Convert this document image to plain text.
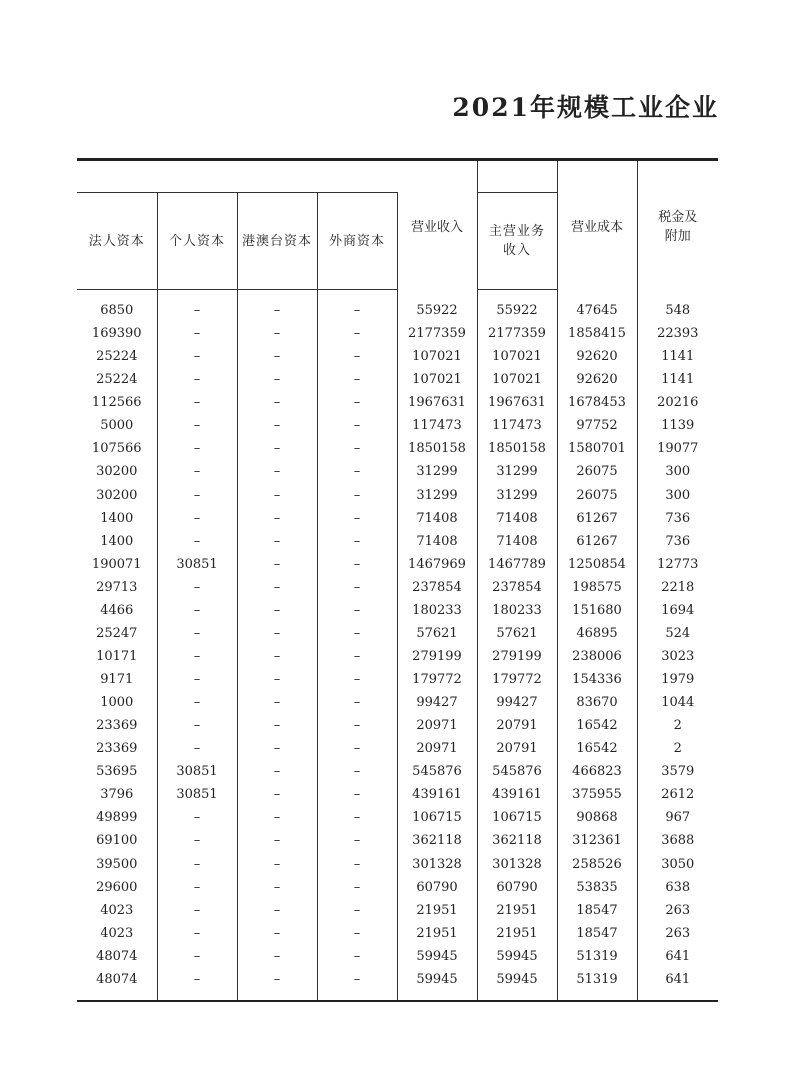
2021年规模工业企业
				营业收入		营业成本	税金及
附加
法人资本	个人资本	港澳台资本	外商资本		主营业务
收入		

6850	–	–	–	55922	55922	47645	548
169390	–	–	–	2177359	2177359	1858415	22393
25224	–	–	–	107021	107021	92620	1141
25224	–	–	–	107021	107021	92620	1141
112566	–	–	–	1967631	1967631	1678453	20216
5000	–	–	–	117473	117473	97752	1139
107566	–	–	–	1850158	1850158	1580701	19077
30200	–	–	–	31299	31299	26075	300
30200	–	–	–	31299	31299	26075	300
1400	–	–	–	71408	71408	61267	736
1400	–	–	–	71408	71408	61267	736
190071	30851	–	–	1467969	1467789	1250854	12773
29713	–	–	–	237854	237854	198575	2218
4466	–	–	–	180233	180233	151680	1694
25247	–	–	–	57621	57621	46895	524
10171	–	–	–	279199	279199	238006	3023
9171	–	–	–	179772	179772	154336	1979
1000	–	–	–	99427	99427	83670	1044
23369	–	–	–	20971	20791	16542	2
23369	–	–	–	20971	20791	16542	2
53695	30851	–	–	545876	545876	466823	3579
3796	30851	–	–	439161	439161	375955	2612
49899	–	–	–	106715	106715	90868	967
69100	–	–	–	362118	362118	312361	3688
39500	–	–	–	301328	301328	258526	3050
29600	–	–	–	60790	60790	53835	638
4023	–	–	–	21951	21951	18547	263
4023	–	–	–	21951	21951	18547	263
48074	–	–	–	59945	59945	51319	641
48074	–	–	–	59945	59945	51319	641
